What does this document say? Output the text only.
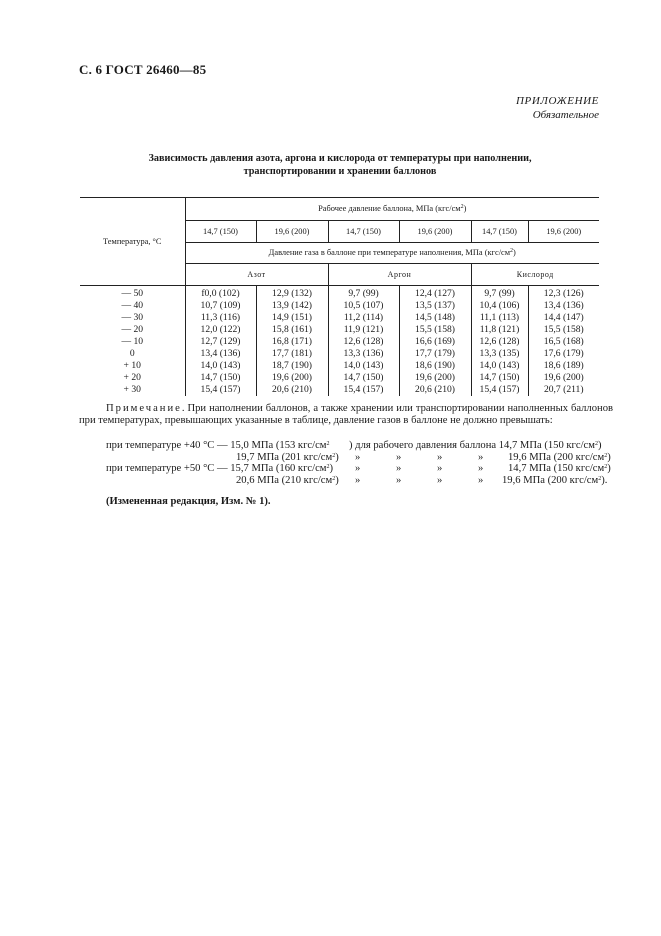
С. 6 ГОСТ 26460—85
ПРИЛОЖЕНИЕ
Обязательное
Зависимость давления азота, аргона и кислорода от температуры при наполнении,
транспортировании и хранении баллонов
Температура, °С	Рабочее давление баллона, МПа $(кгс/см^2)$					
	14,7 (150)	19,6 (200)	14,7 (150)	19,6 (200)	14,7 (150)	19,6 (200)
	Давление газа в баллоне при температуре наполнения, МПа $(кгс/см^2)$					
	Азот		Аргон		Кислород	
— 50	f0,0 (102)	12,9 (132)	9,7 (99)	12,4 (127)	9,7 (99)	12,3 (126)
— 40	10,7 (109)	13,9 (142)	10,5 (107)	13,5 (137)	10,4 (106)	13,4 (136)
— 30	11,3 (116)	14,9 (151)	11,2 (114)	14,5 (148)	11,1 (113)	14,4 (147)
— 20	12,0 (122)	15,8 (161)	11,9 (121)	15,5 (158)	11,8 (121)	15,5 (158)
— 10	12,7 (129)	16,8 (171)	12,6 (128)	16,6 (169)	12,6 (128)	16,5 (168)
0	13,4 (136)	17,7 (181)	13,3 (136)	17,7 (179)	13,3 (135)	17,6 (179)
+ 10	14,0 (143)	18,7 (190)	14,0 (143)	18,6 (190)	14,0 (143)	18,6 (189)
+ 20	14,7 (150)	19,6 (200)	14,7 (150)	19,6 (200)	14,7 (150)	19,6 (200)
+ 30	15,4 (157)	20,6 (210)	15,4 (157)	20,6 (210)	15,4 (157)	20,7 (211)
Примечание. При наполнении баллонов, а также хранении или транспортировании наполненных баллонов при температурах, превышающих указанные в таблице, давление газов в баллоне не должно превышать:
при температуре +40 °С — 15,0 МПа (153 кгс/$см^2$ ) для рабочего давления баллона 14,7 МПа (150 кгс/$см^2$)
19,7 МПа (201 кгс/$см^2$) »	»	»	» 19,6 МПа (200 кгс/$см^2$)
при температуре +50 °С — 15,7 МПа (160 кгс/$см^2$) »	»	»	» 14,7 МПа (150 кгс/$см^2$)
20,6 МПа (210 кгс/$см^2$) »	»	»	» 19,6 МПа (200 кгс/$см^2$).
(Измененная редакция, Изм. № 1).
